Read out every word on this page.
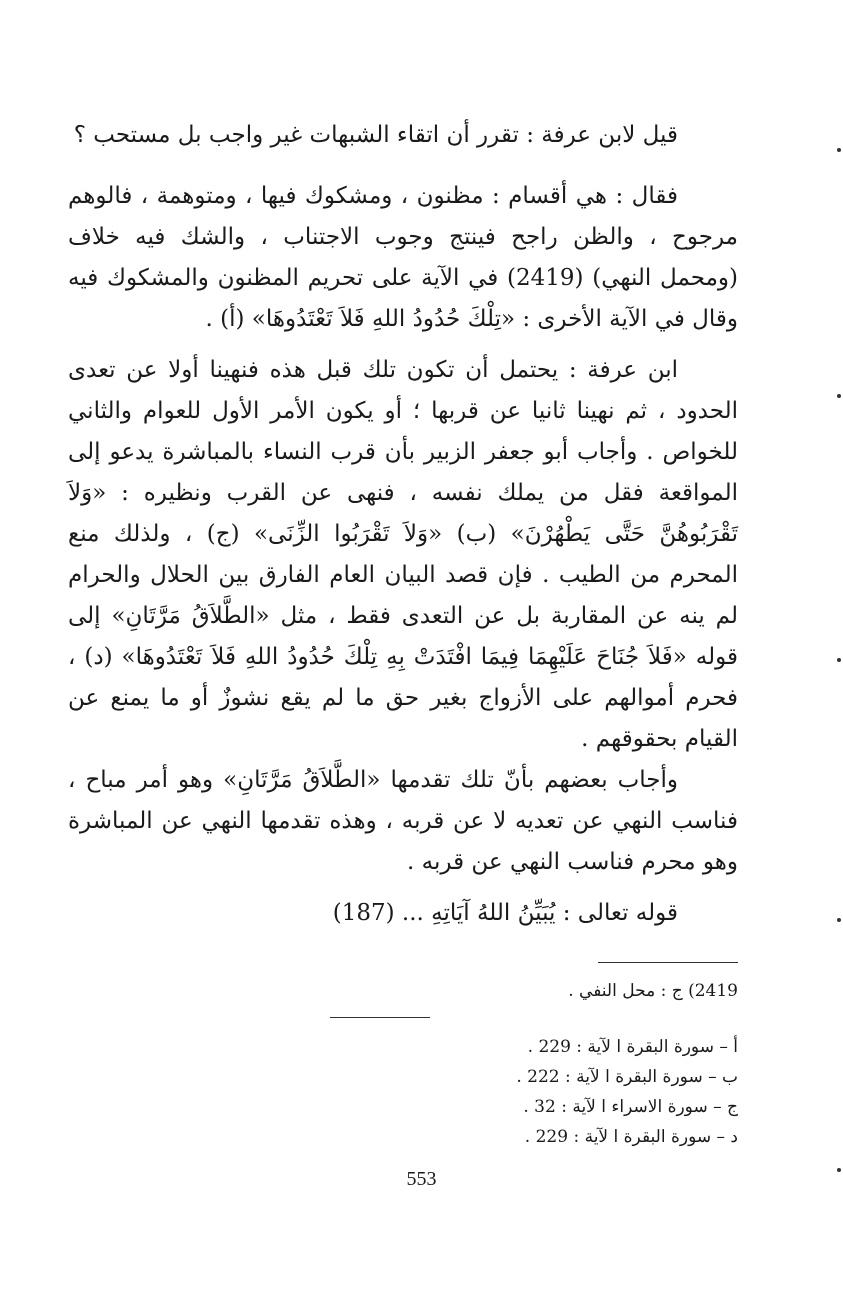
قيل لابن عرفة : تقرر أن اتقاء الشبهات غير واجب بل مستحب ؟

فقال : هي أقسام : مظنون ، ومشكوك فيها ، ومتوهمة ، فالوهم مرجوح ، والظن راجح فينتج وجوب الاجتناب ، والشك فيه خلاف (ومحمل النهي) (2419) في الآية على تحريم المظنون والمشكوك فيه وقال في الآية الأخرى : «تِلْكَ حُدُودُ اللهِ فَلاَ تَعْتَدُوهَا» (أ) .

ابن عرفة : يحتمل أن تكون تلك قبل هذه فنهينا أولا عن تعدى الحدود ، ثم نهينا ثانيا عن قربها ؛ أو يكون الأمر الأول للعوام والثاني للخواص . وأجاب أبو جعفر الزبير بأن قرب النساء بالمباشرة يدعو إلى المواقعة فقل من يملك نفسه ، فنهى عن القرب ونظيره : «وَلاَ تَقْرَبُوهُنَّ حَتَّى يَطْهُرْنَ» (ب) «وَلاَ تَقْرَبُوا الزِّنَى» (ج) ، ولذلك منع المحرم من الطيب . فإن قصد البيان العام الفارق بين الحلال والحرام لم ينه عن المقاربة بل عن التعدى فقط ، مثل «الطَّلاَقُ مَرَّتَانِ» إلى قوله «فَلاَ جُنَاحَ عَلَيْهِمَا فِيمَا افْتَدَتْ بِهِ تِلْكَ حُدُودُ اللهِ فَلاَ تَعْتَدُوهَا» (د) ، فحرم أموالهم على الأزواج بغير حق ما لم يقع نشوزٌ أو ما يمنع عن القيام بحقوقهم .

وأجاب بعضهم بأنّ تلك تقدمها «الطَّلاَقُ مَرَّتَانِ» وهو أمر مباح ، فناسب النهي عن تعديه لا عن قربه ، وهذه تقدمها النهي عن المباشرة وهو محرم فناسب النهي عن قربه .

قوله تعالى : يُبَيِّنُ اللهُ آيَاتِهِ ... (187)

2419) ج : محل النفي .
أ – سورة البقرة ا لآية : 229 .
ب – سورة البقرة ا لآية : 222 .
ج – سورة الاسراء ا لآية : 32 .
د – سورة البقرة ا لآية : 229 .
553
